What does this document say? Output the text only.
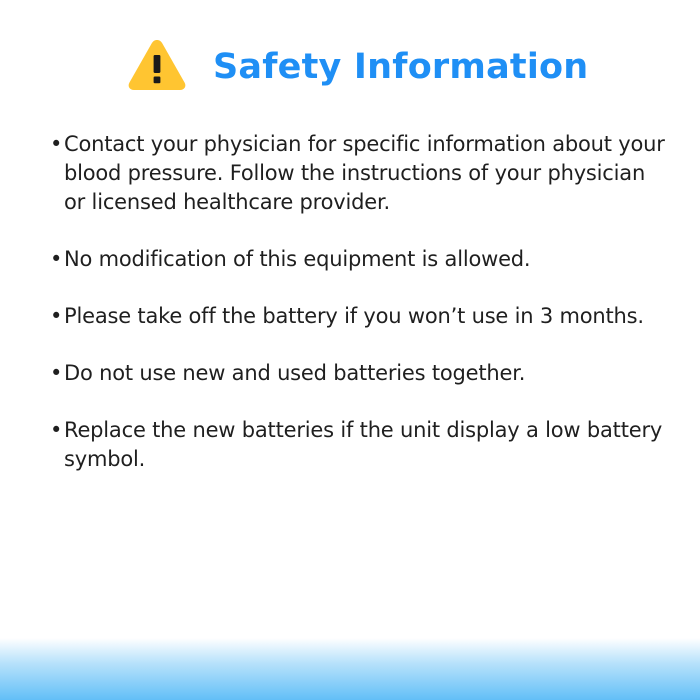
Safety Information
• Contact your physician for specific information about your blood pressure. Follow the instructions of your physician or licensed healthcare provider.
• No modification of this equipment is allowed.
• Please take off the battery if you won’t use in 3 months.
• Do not use new and used batteries together.
• Replace the new batteries if the unit display a low battery symbol.
